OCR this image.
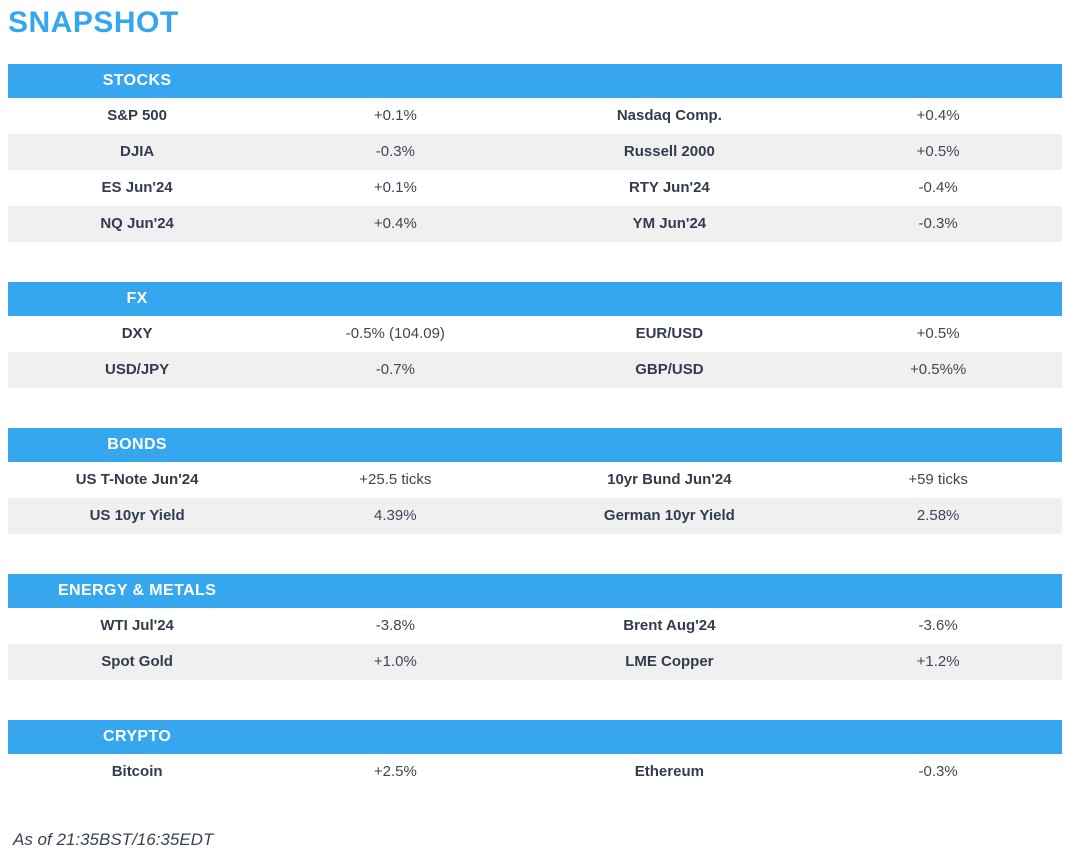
SNAPSHOT
STOCKS
S&P 500	+0.1%	Nasdaq Comp.	+0.4%
DJIA	-0.3%	Russell 2000	+0.5%
ES Jun'24	+0.1%	RTY Jun'24	-0.4%
NQ Jun'24	+0.4%	YM Jun'24	-0.3%
FX
DXY	-0.5% (104.09)	EUR/USD	+0.5%
USD/JPY	-0.7%	GBP/USD	+0.5%%
BONDS
US T-Note Jun'24	+25.5 ticks	10yr Bund Jun'24	+59 ticks
US 10yr Yield	4.39%	German 10yr Yield	2.58%
ENERGY & METALS
WTI Jul'24	-3.8%	Brent Aug'24	-3.6%
Spot Gold	+1.0%	LME Copper	+1.2%
CRYPTO
Bitcoin	+2.5%	Ethereum	-0.3%
As of 21:35BST/16:35EDT
